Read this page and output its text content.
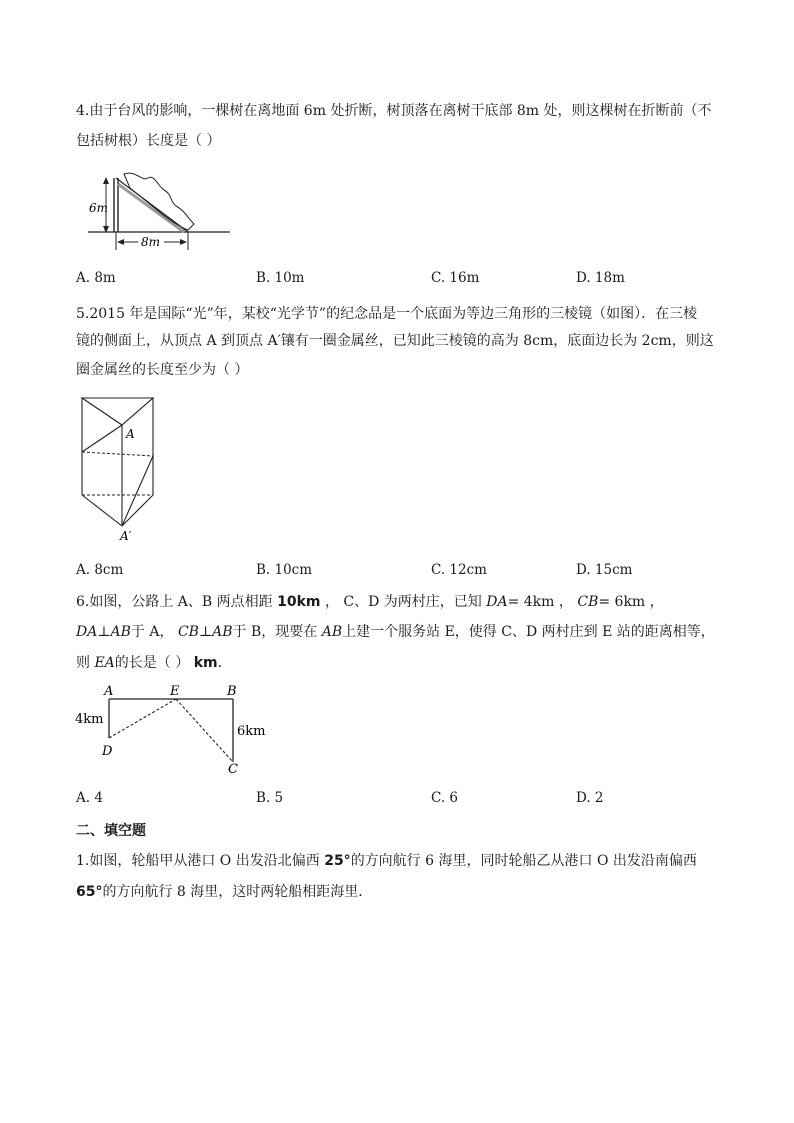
4.由于台风的影响，一棵树在离地面 6m 处折断，树顶落在离树干底部 8m 处，则这棵树在折断前（不
包括树根）长度是（ ）
6m
8m
A. 8m	B. 10m	C. 16m	D. 18m
5.2015 年是国际“光”年，某校“光学节”的纪念品是一个底面为等边三角形的三棱镜（如图）．在三棱
镜的侧面上，从顶点 A 到顶点 A′镶有一圈金属丝，已知此三棱镜的高为 8cm，底面边长为 2cm，则这
圈金属丝的长度至少为（ ）
A
A′
A. 8cm	B. 10cm	C. 12cm	D. 15cm
6.如图，公路上 A、B 两点相距 10km ， C、D 为两村庄，已知 DA= 4km ， CB= 6km ，
DA⊥AB于 A， CB⊥AB于 B，现要在 AB上建一个服务站 E，使得 C、D 两村庄到 E 站的距离相等，
则 EA的长是（ ） km．
A	E	B
D
C
4km
6km
A. 4	B. 5	C. 6	D. 2
二、填空题
1.如图，轮船甲从港口 O 出发沿北偏西 25°的方向航行 6 海里，同时轮船乙从港口 O 出发沿南偏西
65°的方向航行 8 海里，这时两轮船相距海里．
